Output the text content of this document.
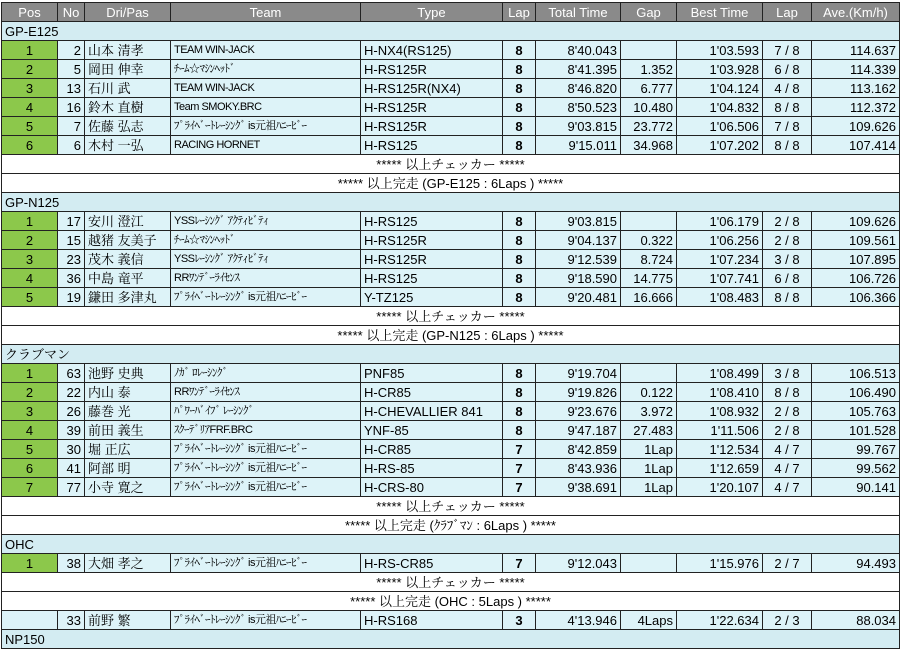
Pos	No	Dri/Pas	Team	Type	Lap	Total Time	Gap	Best Time	Lap	Ave.(Km/h)
GP-E125										
1	2	山本 清孝	TEAM WIN-JACK	H-NX4(RS125)	8	8'40.043		1'03.593	7 / 8	114.637
2	5	岡田 伸幸	ﾁｰﾑ☆ﾏｼﾝﾍｯﾄﾞ	H-RS125R	8	8'41.395	1.352	1'03.928	6 / 8	114.339
3	13	石川 武	TEAM WIN-JACK	H-RS125R(NX4)	8	8'46.820	6.777	1'04.124	4 / 8	113.162
4	16	鈴木 直樹	Team SMOKY.BRC	H-RS125R	8	8'50.523	10.480	1'04.832	8 / 8	112.372
5	7	佐藤 弘志	ﾌﾟﾗｲﾍﾞｰﾄﾚｰｼﾝｸﾞ is元祖ﾊﾆｰﾋﾞｰ	H-RS125R	8	9'03.815	23.772	1'06.506	7 / 8	109.626
6	6	木村 一弘	RACING HORNET	H-RS125	8	9'15.011	34.968	1'07.202	8 / 8	107.414
***** 以上チェッカー *****										
***** 以上完走 (GP-E125 : 6Laps ) *****										
GP-N125										
1	17	安川 澄江	YSSﾚｰｼﾝｸﾞ ｱｸﾃｨﾋﾞﾃｨ	H-RS125	8	9'03.815		1'06.179	2 / 8	109.626
2	15	越猪 友美子	ﾁｰﾑ☆ﾏｼﾝﾍｯﾄﾞ	H-RS125R	8	9'04.137	0.322	1'06.256	2 / 8	109.561
3	23	茂木 義信	YSSﾚｰｼﾝｸﾞ ｱｸﾃｨﾋﾞﾃｨ	H-RS125R	8	9'12.539	8.724	1'07.234	3 / 8	107.895
4	36	中島 竜平	RRﾜﾝﾃﾞｰﾗｲｾﾝｽ	H-RS125	8	9'18.590	14.775	1'07.741	6 / 8	106.726
5	19	鎌田 多津丸	ﾌﾟﾗｲﾍﾞｰﾄﾚｰｼﾝｸﾞ is元祖ﾊﾆｰﾋﾞｰ	Y-TZ125	8	9'20.481	16.666	1'08.483	8 / 8	106.366
***** 以上チェッカー *****										
***** 以上完走 (GP-N125 : 6Laps ) *****										
クラブマン										
1	63	池野 史典	ﾉｶﾞ ﾛﾚｰｼﾝｸﾞ	PNF85	8	9'19.704		1'08.499	3 / 8	106.513
2	22	内山 泰	RRﾜﾝﾃﾞｰﾗｲｾﾝｽ	H-CR85	8	9'19.826	0.122	1'08.410	8 / 8	106.490
3	26	藤巻 光	ﾊﾟﾜｰﾊﾞｲﾌﾞ ﾚｰｼﾝｸﾞ	H-CHEVALLIER 841	8	9'23.676	3.972	1'08.932	2 / 8	105.763
4	39	前田 義生	ｽｸｰﾃﾞﾘｱFRF.BRC	YNF-85	8	9'47.187	27.483	1'11.506	2 / 8	101.528
5	30	堀 正広	ﾌﾟﾗｲﾍﾞｰﾄﾚｰｼﾝｸﾞ is元祖ﾊﾆｰﾋﾞｰ	H-CR85	7	8'42.859	1Lap	1'12.534	4 / 7	99.767
6	41	阿部 明	ﾌﾟﾗｲﾍﾞｰﾄﾚｰｼﾝｸﾞ is元祖ﾊﾆｰﾋﾞｰ	H-RS-85	7	8'43.936	1Lap	1'12.659	4 / 7	99.562
7	77	小寺 寛之	ﾌﾟﾗｲﾍﾞｰﾄﾚｰｼﾝｸﾞ is元祖ﾊﾆｰﾋﾞｰ	H-CRS-80	7	9'38.691	1Lap	1'20.107	4 / 7	90.141
***** 以上チェッカー *****										
***** 以上完走 (ｸﾗﾌﾞﾏﾝ : 6Laps ) *****										
OHC										
1	38	大畑 孝之	ﾌﾟﾗｲﾍﾞｰﾄﾚｰｼﾝｸﾞ is元祖ﾊﾆｰﾋﾞｰ	H-RS-CR85	7	9'12.043		1'15.976	2 / 7	94.493
***** 以上チェッカー *****										
***** 以上完走 (OHC : 5Laps ) *****										
	33	前野 繁	ﾌﾟﾗｲﾍﾞｰﾄﾚｰｼﾝｸﾞ is元祖ﾊﾆｰﾋﾞｰ	H-RS168	3	4'13.946	4Laps	1'22.634	2 / 3	88.034
NP150										
